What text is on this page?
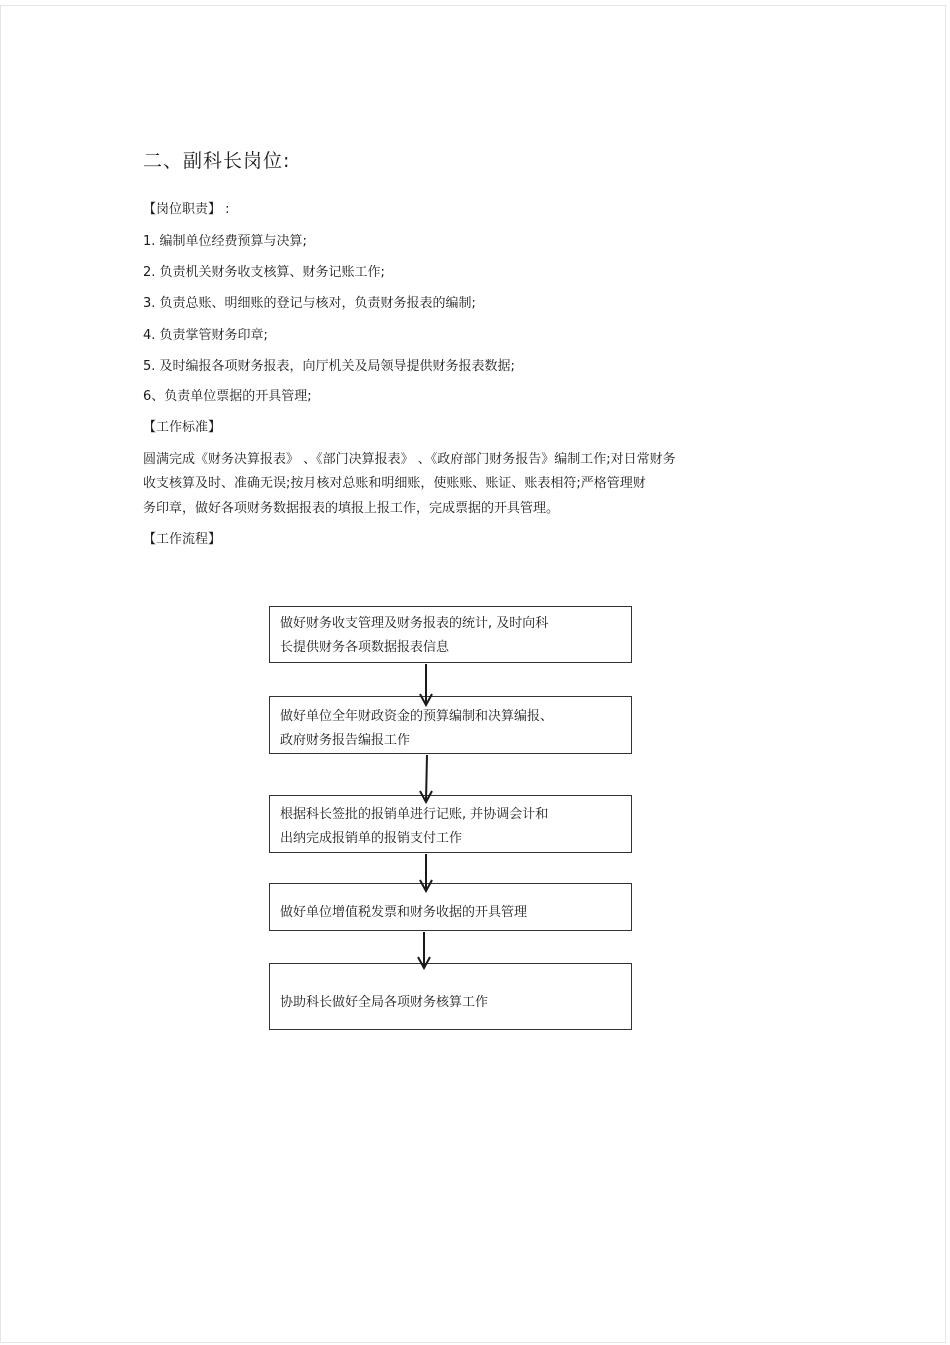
二、副科长岗位:
【岗位职责】 :
1. 编制单位经费预算与决算;
2. 负责机关财务收支核算、财务记账工作;
3. 负责总账、明细账的登记与核对，负责财务报表的编制;
4. 负责掌管财务印章;
5. 及时编报各项财务报表，向厅机关及局领导提供财务报表数据;
6、负责单位票据的开具管理;
【工作标准】
圆满完成《财务决算报表》 、《部门决算报表》 、《政府部门财务报告》编制工作;对日常财务
收支核算及时、准确无误;按月核对总账和明细账，使账账、账证、账表相符;严格管理财
务印章，做好各项财务数据报表的填报上报工作，完成票据的开具管理。
【工作流程】
做好财务收支管理及财务报表的统计, 及时向科
长提供财务各项数据报表信息
做好单位全年财政资金的预算编制和决算编报、
政府财务报告编报工作
根据科长签批的报销单进行记账, 并协调会计和
出纳完成报销单的报销支付工作
做好单位增值税发票和财务收据的开具管理
协助科长做好全局各项财务核算工作
